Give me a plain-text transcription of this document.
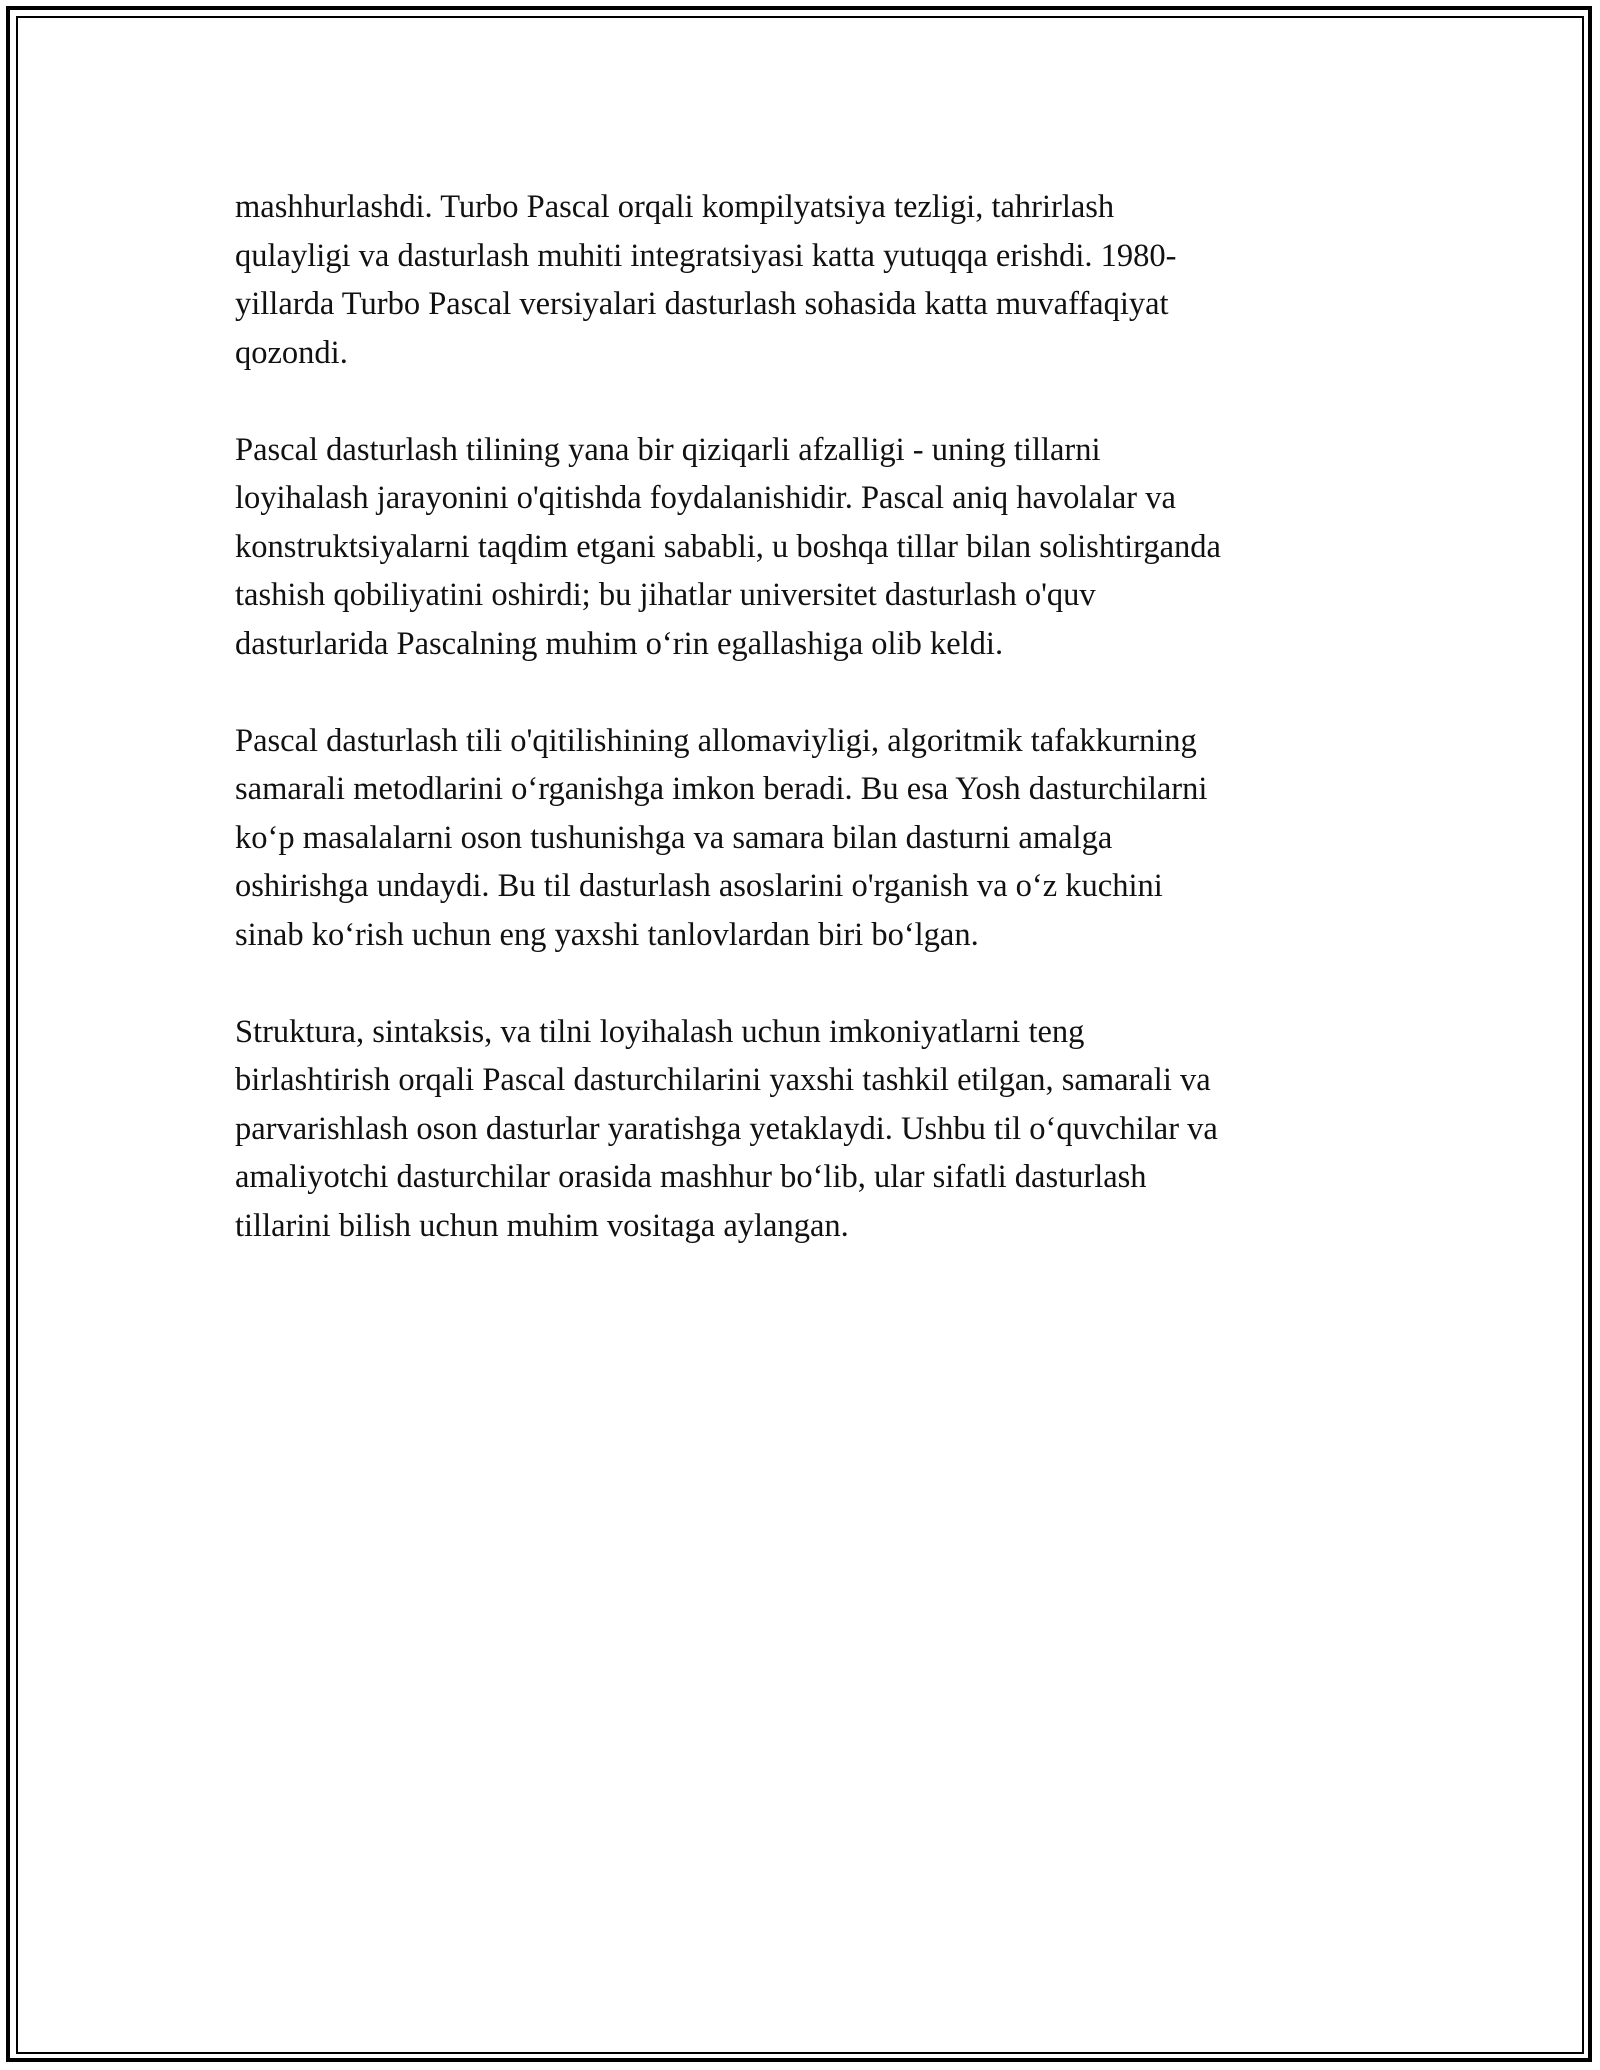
mashhurlashdi. Turbo Pascal orqali kompilyatsiya tezligi, tahrirlash
qulayligi va dasturlash muhiti integratsiyasi katta yutuqqa erishdi. 1980-
yillarda Turbo Pascal versiyalari dasturlash sohasida katta muvaffaqiyat
qozondi.

Pascal dasturlash tilining yana bir qiziqarli afzalligi - uning tillarni
loyihalash jarayonini o'qitishda foydalanishidir. Pascal aniq havolalar va
konstruktsiyalarni taqdim etgani sababli, u boshqa tillar bilan solishtirganda
tashish qobiliyatini oshirdi; bu jihatlar universitet dasturlash o'quv
dasturlarida Pascalning muhim o‘rin egallashiga olib keldi.

Pascal dasturlash tili o'qitilishining allomaviyligi, algoritmik tafakkurning
samarali metodlarini o‘rganishga imkon beradi. Bu esa Yosh dasturchilarni
ko‘p masalalarni oson tushunishga va samara bilan dasturni amalga
oshirishga undaydi. Bu til dasturlash asoslarini o'rganish va o‘z kuchini
sinab ko‘rish uchun eng yaxshi tanlovlardan biri bo‘lgan.

Struktura, sintaksis, va tilni loyihalash uchun imkoniyatlarni teng
birlashtirish orqali Pascal dasturchilarini yaxshi tashkil etilgan, samarali va
parvarishlash oson dasturlar yaratishga yetaklaydi. Ushbu til o‘quvchilar va
amaliyotchi dasturchilar orasida mashhur bo‘lib, ular sifatli dasturlash
tillarini bilish uchun muhim vositaga aylangan.
